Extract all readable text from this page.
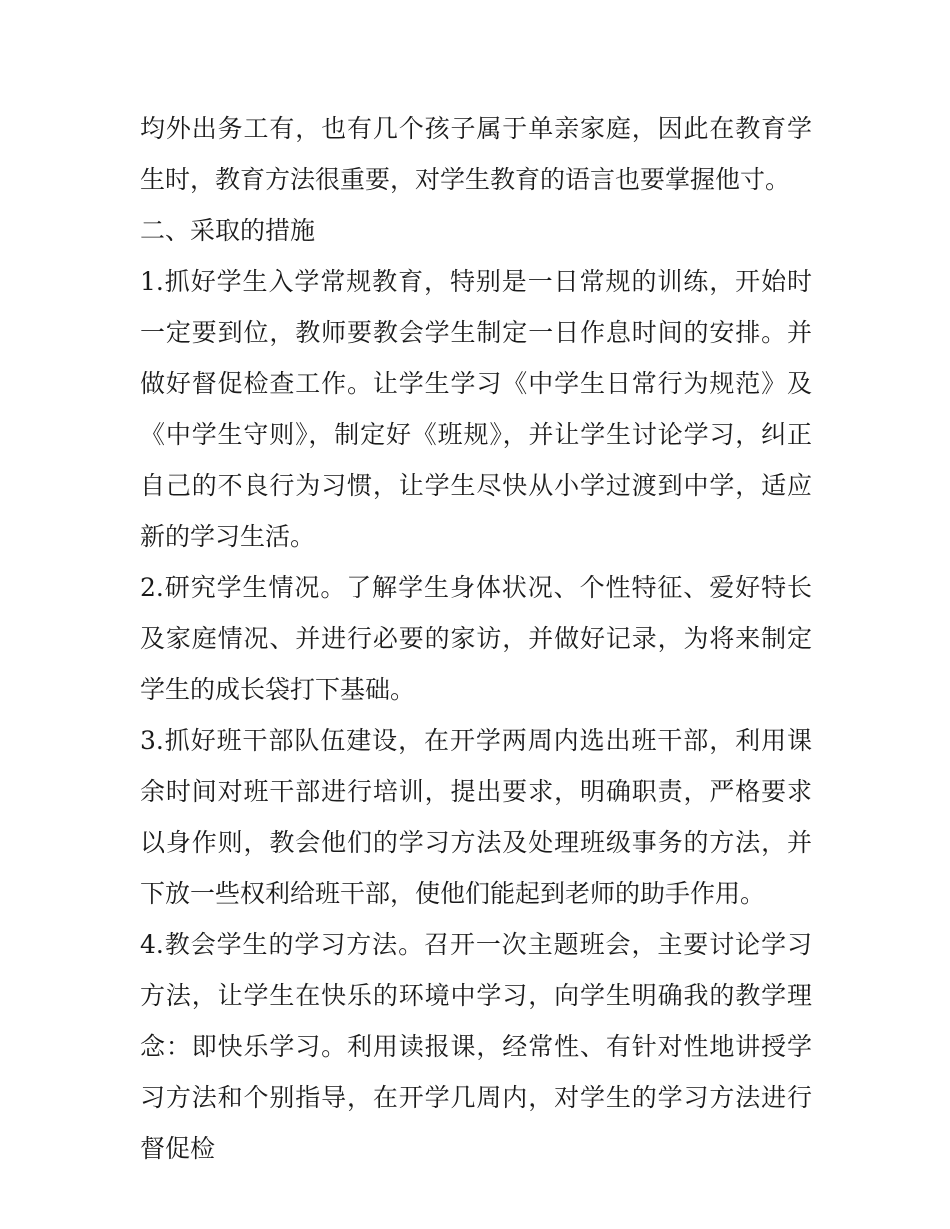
均外出务工有，也有几个孩子属于单亲家庭，因此在教育学生时，教育方法很重要，对学生教育的语言也要掌握他寸。

二、采取的措施

1.抓好学生入学常规教育，特别是一日常规的训练，开始时一定要到位，教师要教会学生制定一日作息时间的安排。并做好督促检查工作。让学生学习《中学生日常行为规范》及《中学生守则》，制定好《班规》，并让学生讨论学习，纠正自己的不良行为习惯，让学生尽快从小学过渡到中学，适应新的学习生活。

2.研究学生情况。了解学生身体状况、个性特征、爱好特长及家庭情况、并进行必要的家访，并做好记录，为将来制定学生的成长袋打下基础。

3.抓好班干部队伍建设，在开学两周内选出班干部，利用课余时间对班干部进行培训，提出要求，明确职责，严格要求以身作则，教会他们的学习方法及处理班级事务的方法，并下放一些权利给班干部，使他们能起到老师的助手作用。

4.教会学生的学习方法。召开一次主题班会，主要讨论学习方法，让学生在快乐的环境中学习，向学生明确我的教学理念：即快乐学习。利用读报课，经常性、有针对性地讲授学习方法和个别指导，在开学几周内，对学生的学习方法进行督促检
